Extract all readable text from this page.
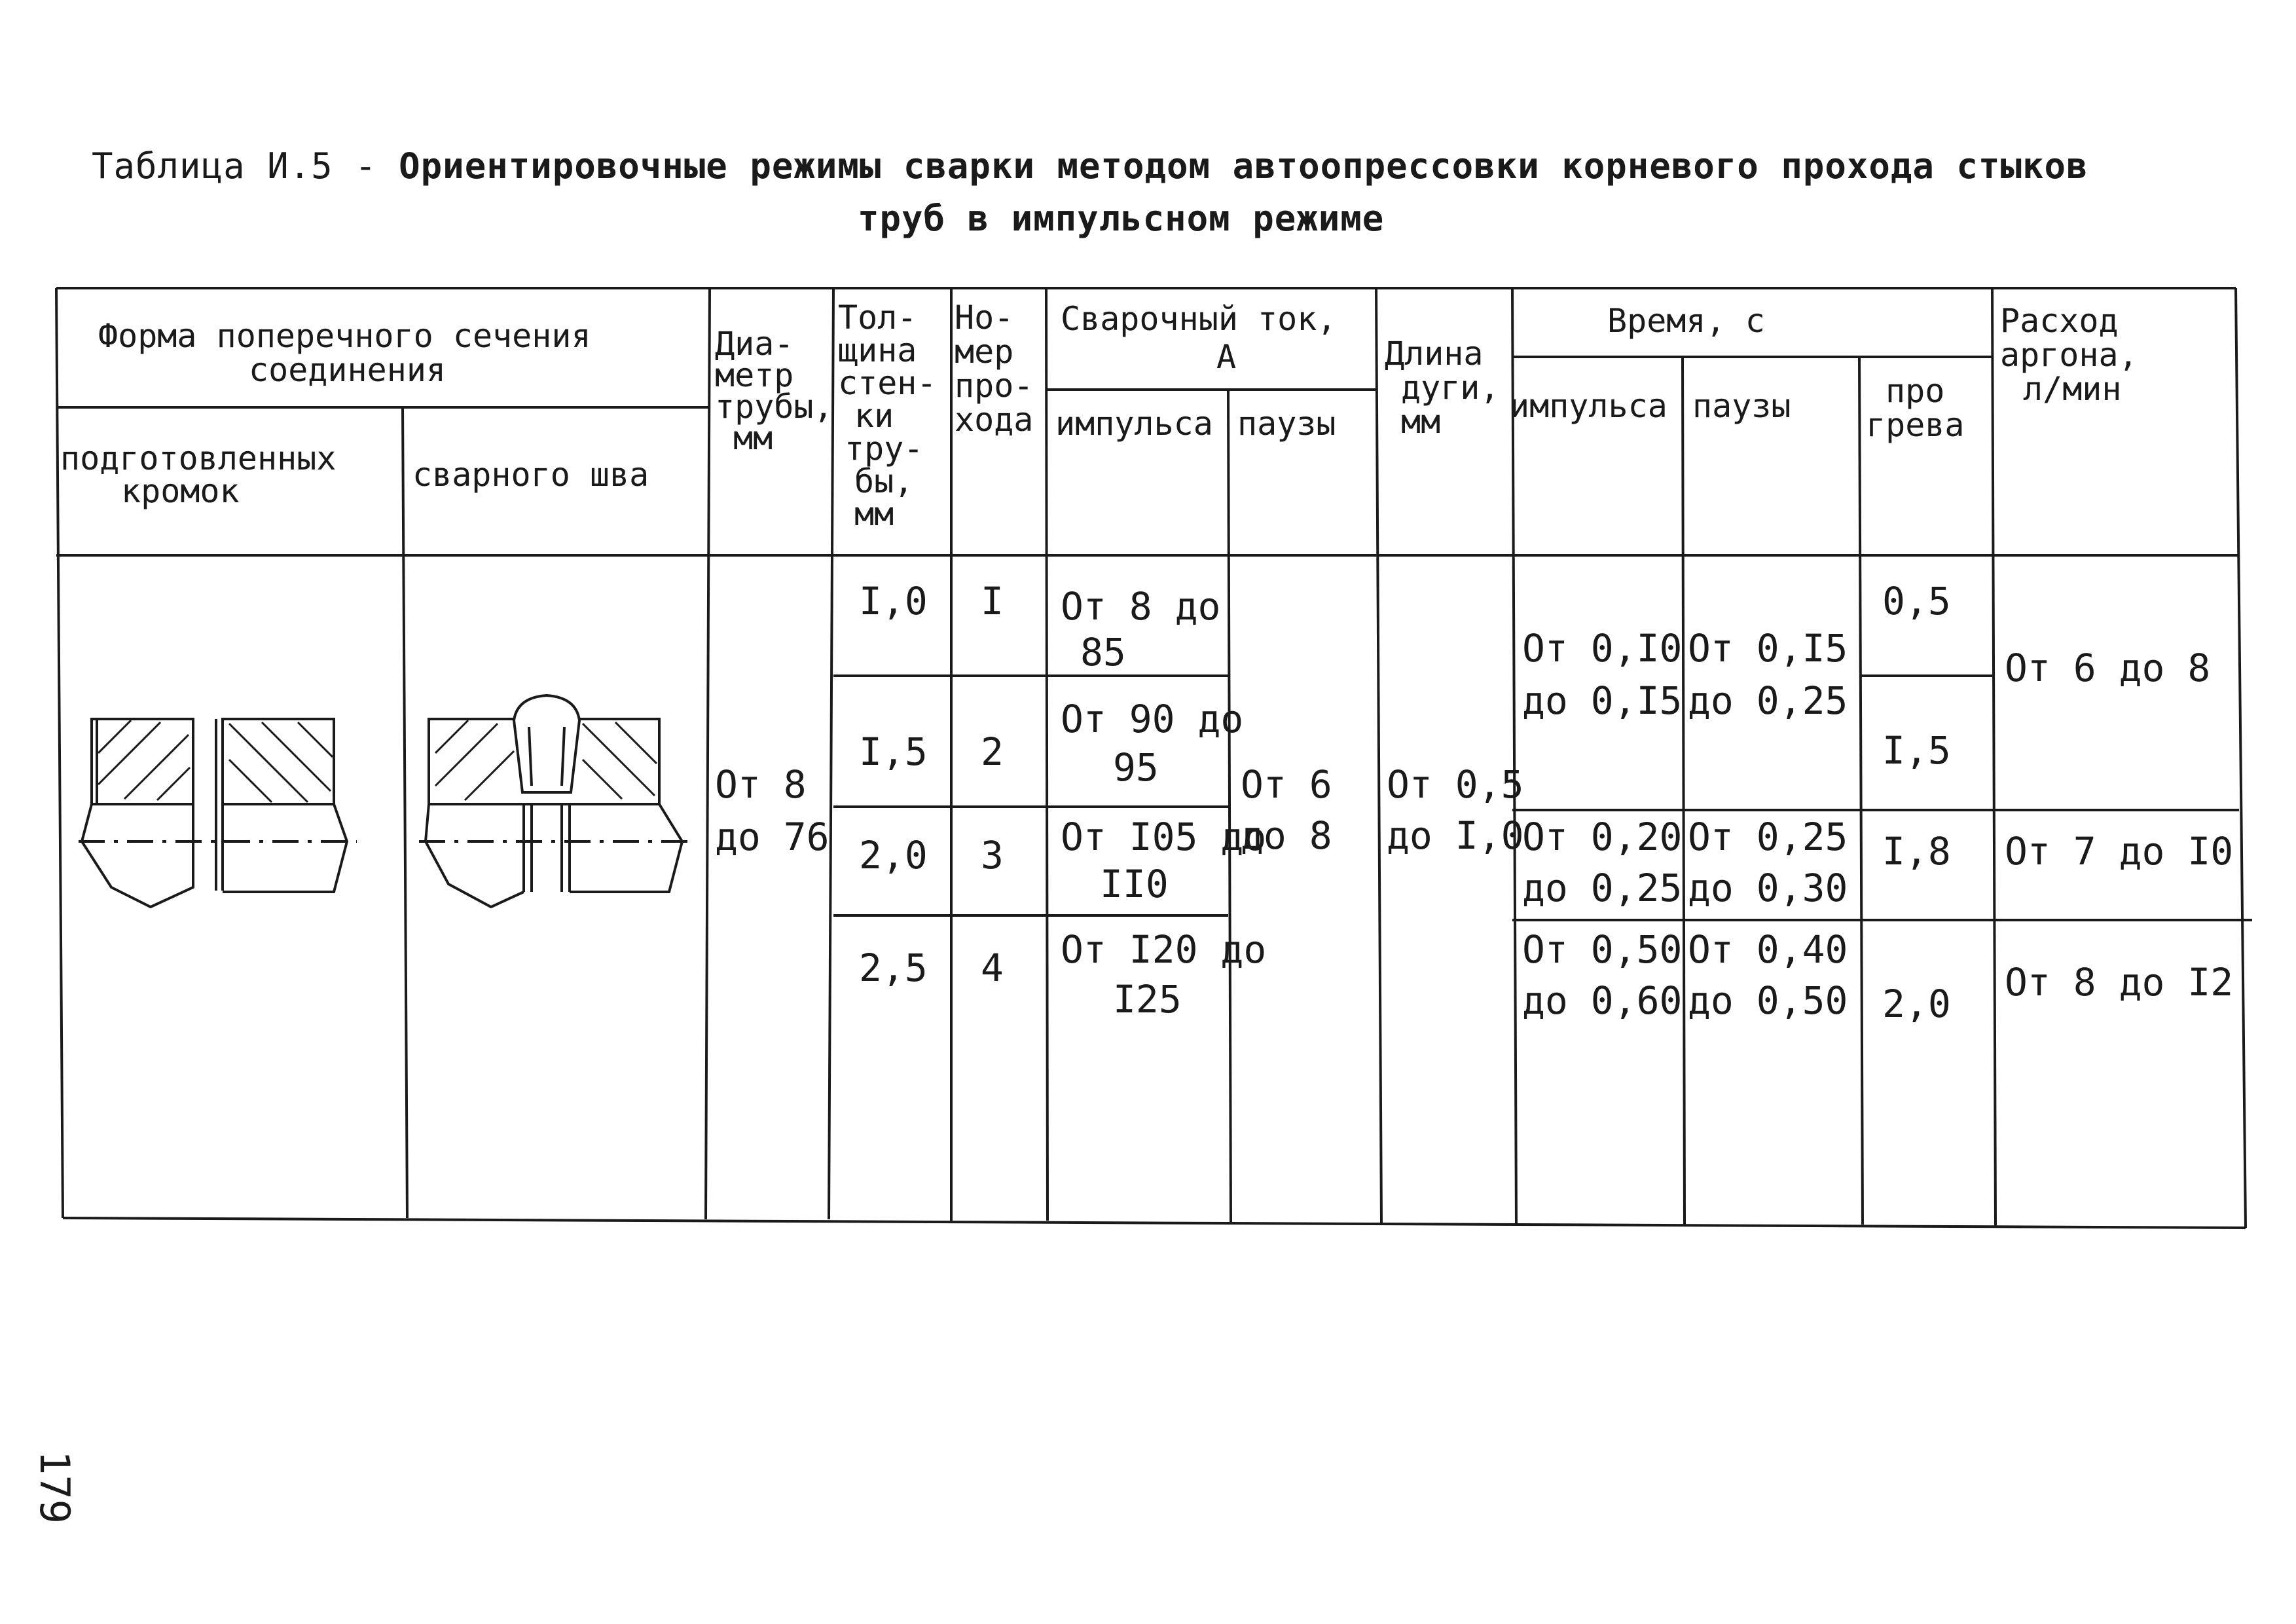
Таблица И.5 - Ориентировочные режимы сварки методом автоопрессовки корневого прохода стыков
труб в импульсном режиме
Форма поперечного сечения
соединения
подготовленных
кромок	сварного шва
Диа-
метр
трубы,
мм
Тол-
щина
стен-
ки
тру-
бы,
мм
Но-
мер
про-
хода
Сварочный ток,
А
импульса паузы
Длина
дуги,
мм
Время, с
импульса паузы	про
грева
Расход
аргона,
л/мин
От 8
до 76
I,0 I От 8 до
85
I,5 2
От 90 до
95
2,0 3 От I05 до
II0
2,5 4 От I20 до
I25
От 6
до 8
От 0,5
до I,0
От 0,I0
до 0,I5
От 0,I5
до 0,25
От 0,20
до 0,25
От 0,25
до 0,30
От 0,50
до 0,60
От 0,40
до 0,50
0,5
I,5
I,8
2,0
От 6 до 8
От 7 до I0
От 8 до I2
179
